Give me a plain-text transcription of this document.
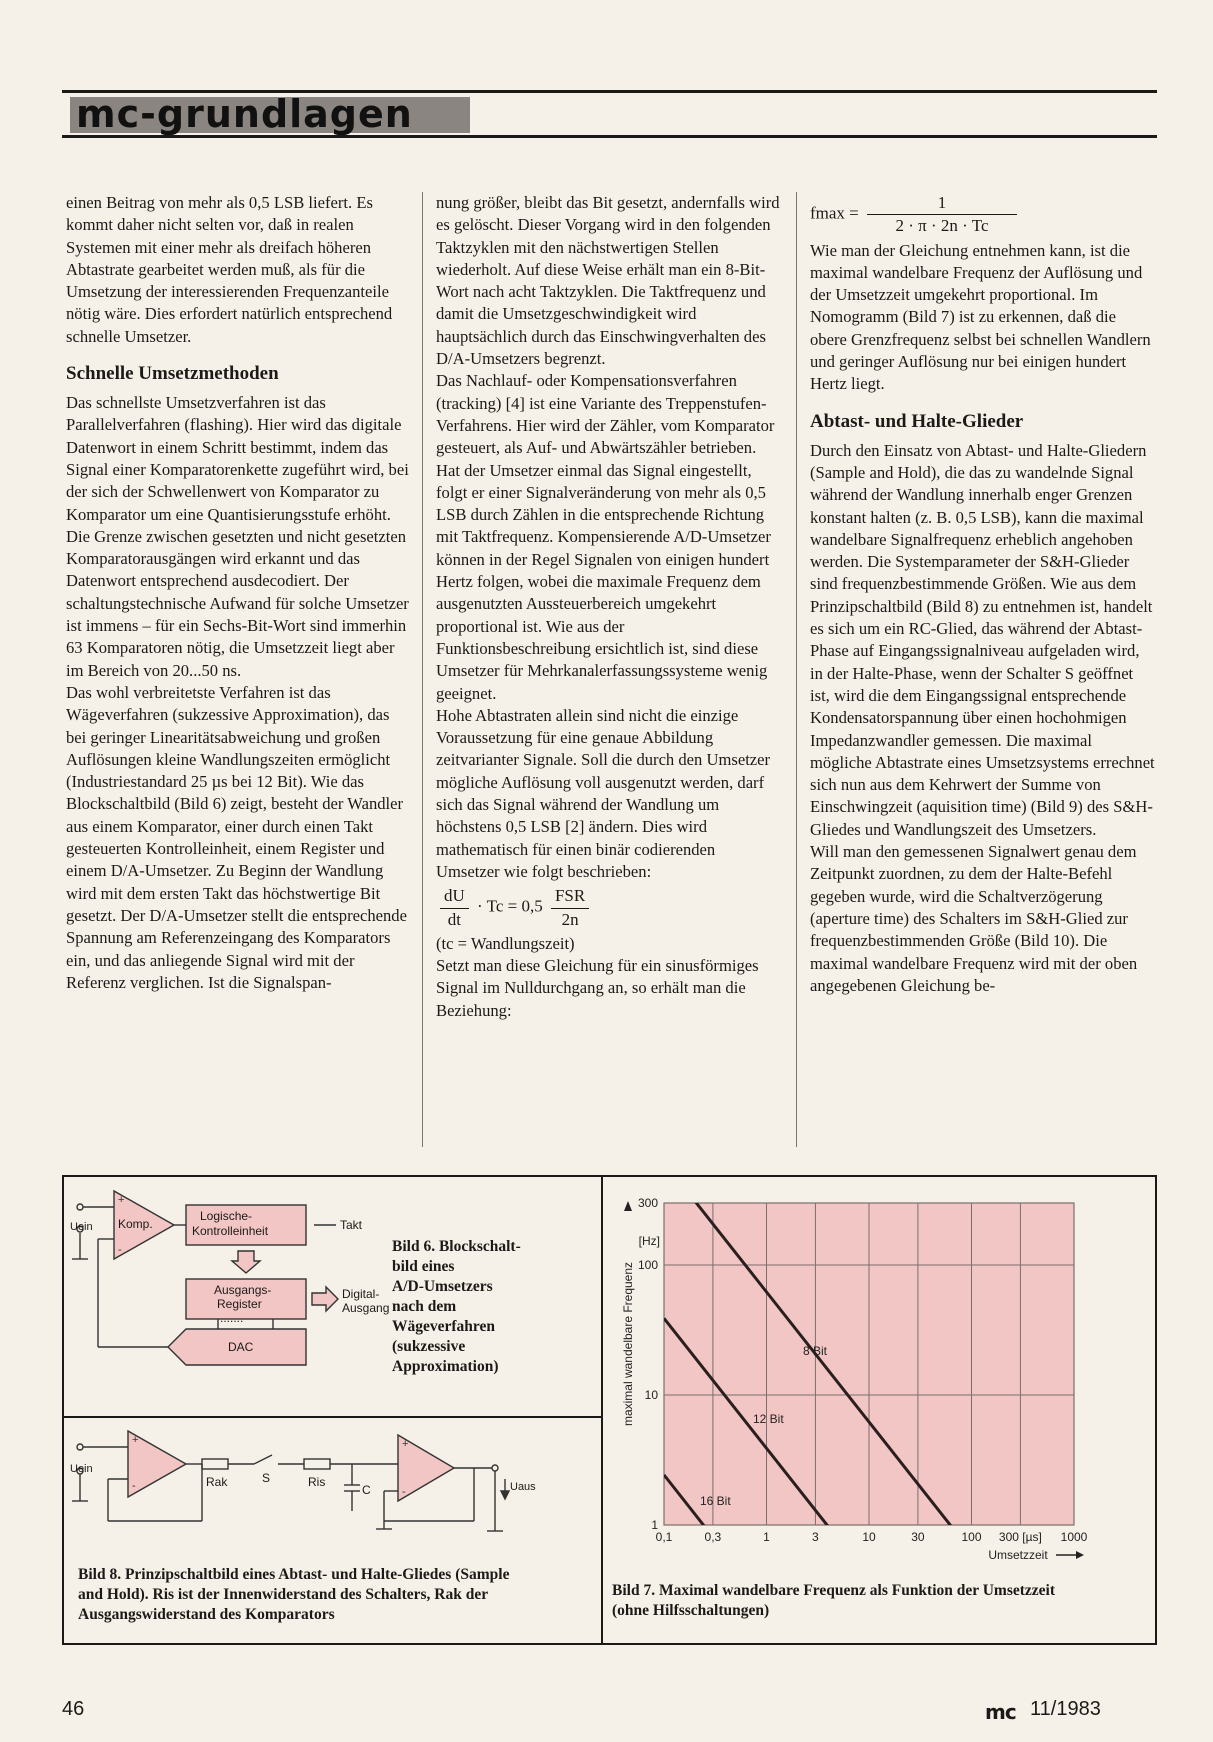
mc-grundlagen

einen Beitrag von mehr als 0,5 LSB liefert. Es kommt daher nicht selten vor, daß in realen Systemen mit einer mehr als dreifach höheren Abtastrate gearbeitet werden muß, als für die Umsetzung der interessierenden Frequenzanteile nötig wäre. Dies erfordert natürlich entsprechend schnelle Umsetzer.

Schnelle Umsetzmethoden

Das schnellste Umsetzverfahren ist das Parallelverfahren (flashing). Hier wird das digitale Datenwort in einem Schritt bestimmt, indem das Signal einer Komparatorenkette zugeführt wird, bei der sich der Schwellenwert von Komparator zu Komparator um eine Quantisierungsstufe erhöht. Die Grenze zwischen gesetzten und nicht gesetzten Komparatorausgängen wird erkannt und das Datenwort entsprechend ausdecodiert. Der schaltungstechnische Aufwand für solche Umsetzer ist immens – für ein Sechs-Bit-Wort sind immerhin 63 Komparatoren nötig, die Umsetzzeit liegt aber im Bereich von 20...50 ns.

Das wohl verbreitetste Verfahren ist das Wägeverfahren (sukzessive Approximation), das bei geringer Linearitätsabweichung und großen Auflösungen kleine Wandlungszeiten ermöglicht (Industriestandard 25 µs bei 12 Bit). Wie das Blockschaltbild (Bild 6) zeigt, besteht der Wandler aus einem Komparator, einer durch einen Takt gesteuerten Kontrolleinheit, einem Register und einem D/A-Umsetzer. Zu Beginn der Wandlung wird mit dem ersten Takt das höchstwertige Bit gesetzt. Der D/A-Umsetzer stellt die entsprechende Spannung am Referenzeingang des Komparators ein, und das anliegende Signal wird mit der Referenz verglichen. Ist die Signalspan-

nung größer, bleibt das Bit gesetzt, andernfalls wird es gelöscht. Dieser Vorgang wird in den folgenden Taktzyklen mit den nächstwertigen Stellen wiederholt. Auf diese Weise erhält man ein 8-Bit-Wort nach acht Taktzyklen. Die Taktfrequenz und damit die Umsetzgeschwindigkeit wird hauptsächlich durch das Einschwingverhalten des D/A-Umsetzers begrenzt.

Das Nachlauf- oder Kompensationsverfahren (tracking) [4] ist eine Variante des Treppenstufen-Verfahrens. Hier wird der Zähler, vom Komparator gesteuert, als Auf- und Abwärtszähler betrieben. Hat der Umsetzer einmal das Signal eingestellt, folgt er einer Signalveränderung von mehr als 0,5 LSB durch Zählen in die entsprechende Richtung mit Taktfrequenz. Kompensierende A/D-Umsetzer können in der Regel Signalen von einigen hundert Hertz folgen, wobei die maximale Frequenz dem ausgenutzten Aussteuerbereich umgekehrt proportional ist. Wie aus der Funktionsbeschreibung ersichtlich ist, sind diese Umsetzer für Mehrkanalerfassungssysteme wenig geeignet.

Hohe Abtastraten allein sind nicht die einzige Voraussetzung für eine genaue Abbildung zeitvarianter Signale. Soll die durch den Umsetzer mögliche Auflösung voll ausgenutzt werden, darf sich das Signal während der Wandlung um höchstens 0,5 LSB [2] ändern. Dies wird mathematisch für einen binär codierenden Umsetzer wie folgt beschrieben:

$\frac{dU}{dt} \cdot Tc = 0,5 \frac{\text{FSR}}{2n}$

(tc = Wandlungszeit)

Setzt man diese Gleichung für ein sinusförmiges Signal im Nulldurchgang an, so erhält man die Beziehung:

$fmax = \frac{1}{2 \cdot \pi \cdot 2n \cdot Tc}$

Wie man der Gleichung entnehmen kann, ist die maximal wandelbare Frequenz der Auflösung und der Umsetzzeit umgekehrt proportional. Im Nomogramm (Bild 7) ist zu erkennen, daß die obere Grenzfrequenz selbst bei schnellen Wandlern und geringer Auflösung nur bei einigen hundert Hertz liegt.

Abtast- und Halte-Glieder

Durch den Einsatz von Abtast- und Halte-Gliedern (Sample and Hold), die das zu wandelnde Signal während der Wandlung innerhalb enger Grenzen konstant halten (z. B. 0,5 LSB), kann die maximal wandelbare Signalfrequenz erheblich angehoben werden. Die Systemparameter der S&H-Glieder sind frequenzbestimmende Größen. Wie aus dem Prinzipschaltbild (Bild 8) zu entnehmen ist, handelt es sich um ein RC-Glied, das während der Abtast-Phase auf Eingangssignalniveau aufgeladen wird, in der Halte-Phase, wenn der Schalter S geöffnet ist, wird die dem Eingangssignal entsprechende Kondensatorspannung über einen hochohmigen Impedanzwandler gemessen. Die maximal mögliche Abtastrate eines Umsetzsystems errechnet sich nun aus dem Kehrwert der Summe von Einschwingzeit (aquisition time) (Bild 9) des S&H-Gliedes und Wandlungszeit des Umsetzers.

Will man den gemessenen Signalwert genau dem Zeitpunkt zuordnen, zu dem der Halte-Befehl gegeben wurde, wird die Schaltverzögerung (aperture time) des Schalters im S&H-Glied zur frequenzbestimmenden Größe (Bild 10). Die maximal wandelbare Frequenz wird mit der oben angegebenen Gleichung be-

+
-
Uein Komp.
Logische-
Kontrolleinheit	Takt
Ausgangs-
Register
.......
Digital-
Ausgang
DAC
Bild 6. Blockschalt-
bild eines
A/D-Umsetzers
nach dem
Wägeverfahren
(sukzessive
Approximation)
+
-
+
-
Uein
Rak	S	Ris
C	Uaus
Bild 8. Prinzipschaltbild eines Abtast- und Halte-Gliedes (Sample
and Hold). Ris ist der Innenwiderstand des Schalters, Rak der
Ausgangswiderstand des Komparators
8 Bit
12 Bit
16 Bit
0,1	0,3	1	3	10	30	100 300 [µs] 1000
1
10
100
300
[Hz]
maximal wandelbare Frequenz
Umsetzzeit
Bild 7. Maximal wandelbare Frequenz als Funktion der Umsetzzeit
(ohne Hilfsschaltungen)
46	mc 11/1983
